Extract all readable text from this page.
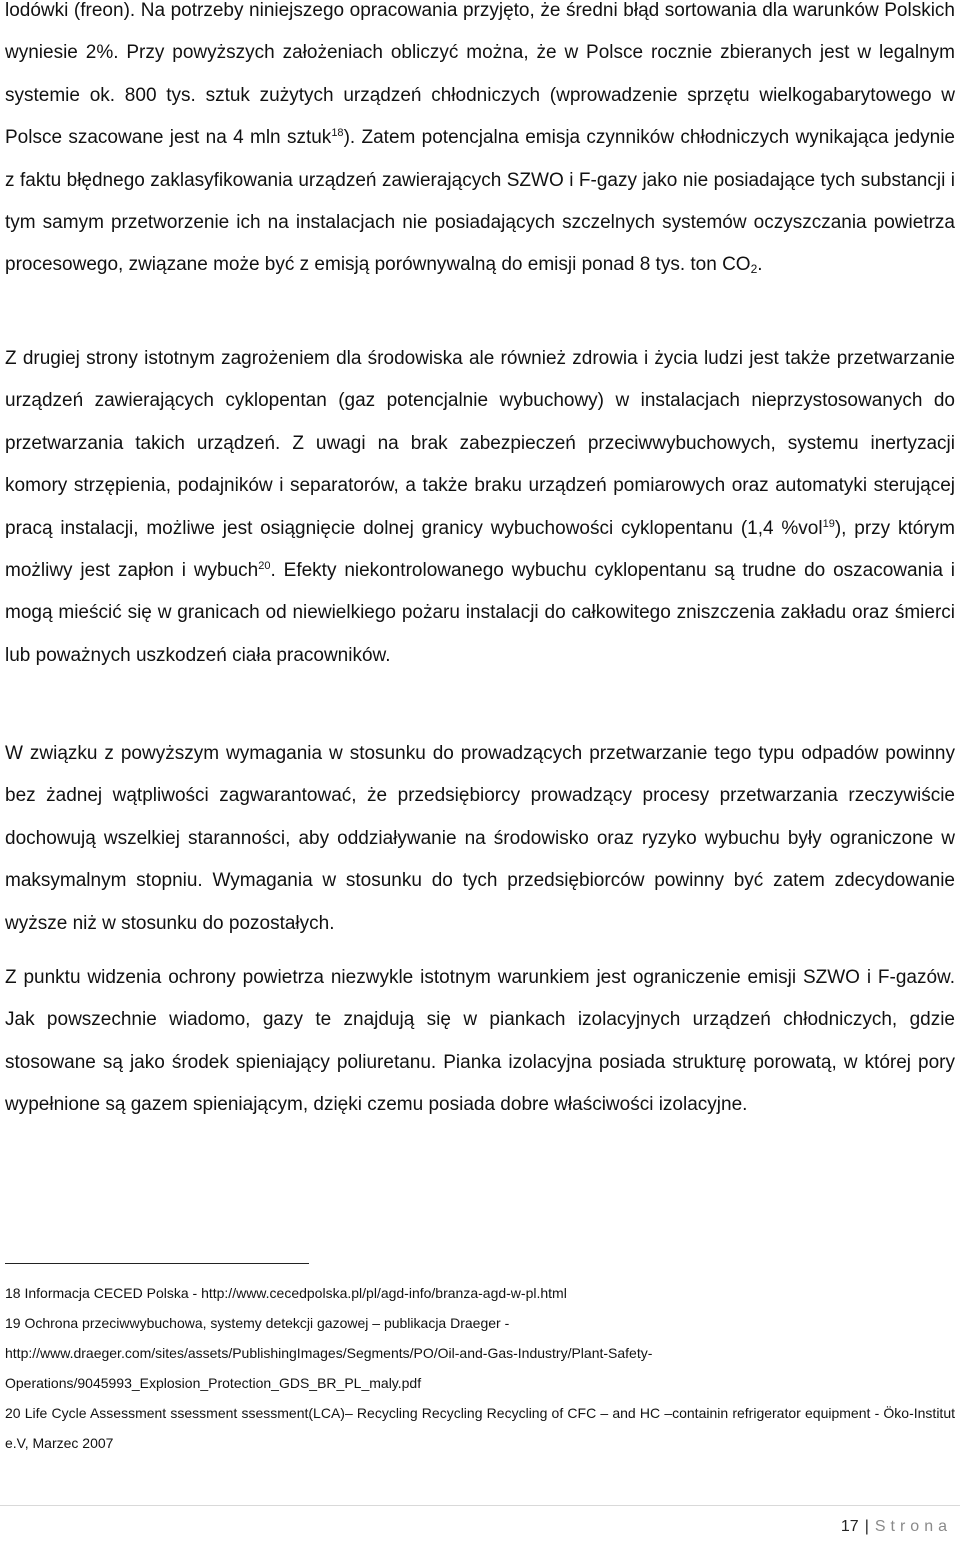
lodówki (freon). Na potrzeby niniejszego opracowania przyjęto, że średni błąd sortowania dla warunków Polskich wyniesie 2%. Przy powyższych założeniach obliczyć można, że w Polsce rocznie zbieranych jest w legalnym systemie ok. 800 tys. sztuk zużytych urządzeń chłodniczych (wprowadzenie sprzętu wielkogabarytowego w Polsce szacowane jest na 4 mln sztuk$^{18}$). Zatem potencjalna emisja czynników chłodniczych wynikająca jedynie z faktu błędnego zaklasyfikowania urządzeń zawierających SZWO i F-gazy jako nie posiadające tych substancji i tym samym przetworzenie ich na instalacjach nie posiadających szczelnych systemów oczyszczania powietrza procesowego, związane może być z emisją porównywalną do emisji ponad 8 tys. ton $CO_2$.

Z drugiej strony istotnym zagrożeniem dla środowiska ale również zdrowia i życia ludzi jest także przetwarzanie urządzeń zawierających cyklopentan (gaz potencjalnie wybuchowy) w instalacjach nieprzystosowanych do przetwarzania takich urządzeń. Z uwagi na brak zabezpieczeń przeciwwybuchowych, systemu inertyzacji komory strzępienia, podajników i separatorów, a także braku urządzeń pomiarowych oraz automatyki sterującej pracą instalacji, możliwe jest osiągnięcie dolnej granicy wybuchowości cyklopentanu (1,4 %vol$^{19}$), przy którym możliwy jest zapłon i wybuch$^{20}$. Efekty niekontrolowanego wybuchu cyklopentanu są trudne do oszacowania i mogą mieścić się w granicach od niewielkiego pożaru instalacji do całkowitego zniszczenia zakładu oraz śmierci lub poważnych uszkodzeń ciała pracowników.

W związku z powyższym wymagania w stosunku do prowadzących przetwarzanie tego typu odpadów powinny bez żadnej wątpliwości zagwarantować, że przedsiębiorcy prowadzący procesy przetwarzania rzeczywiście dochowują wszelkiej staranności, aby oddziaływanie na środowisko oraz ryzyko wybuchu były ograniczone w maksymalnym stopniu. Wymagania w stosunku do tych przedsiębiorców powinny być zatem zdecydowanie wyższe niż w stosunku do pozostałych.

Z punktu widzenia ochrony powietrza niezwykle istotnym warunkiem jest ograniczenie emisji SZWO i F-gazów. Jak powszechnie wiadomo, gazy te znajdują się w piankach izolacyjnych urządzeń chłodniczych, gdzie stosowane są jako środek spieniający poliuretanu. Pianka izolacyjna posiada strukturę porowatą, w której pory wypełnione są gazem spieniającym, dzięki czemu posiada dobre właściwości izolacyjne.

18 Informacja CECED Polska - http://www.cecedpolska.pl/pl/agd-info/branza-agd-w-pl.html

19 Ochrona przeciwwybuchowa, systemy detekcji gazowej – publikacja Draeger -

http://www.draeger.com/sites/assets/PublishingImages/Segments/PO/Oil-and-Gas-Industry/Plant-Safety-

Operations/9045993_Explosion_Protection_GDS_BR_PL_maly.pdf

20 Life Cycle Assessment ssessment ssessment(LCA)– Recycling Recycling Recycling of CFC – and HC –containin refrigerator equipment - Öko-Institut e.V, Marzec 2007

17 | Strona
